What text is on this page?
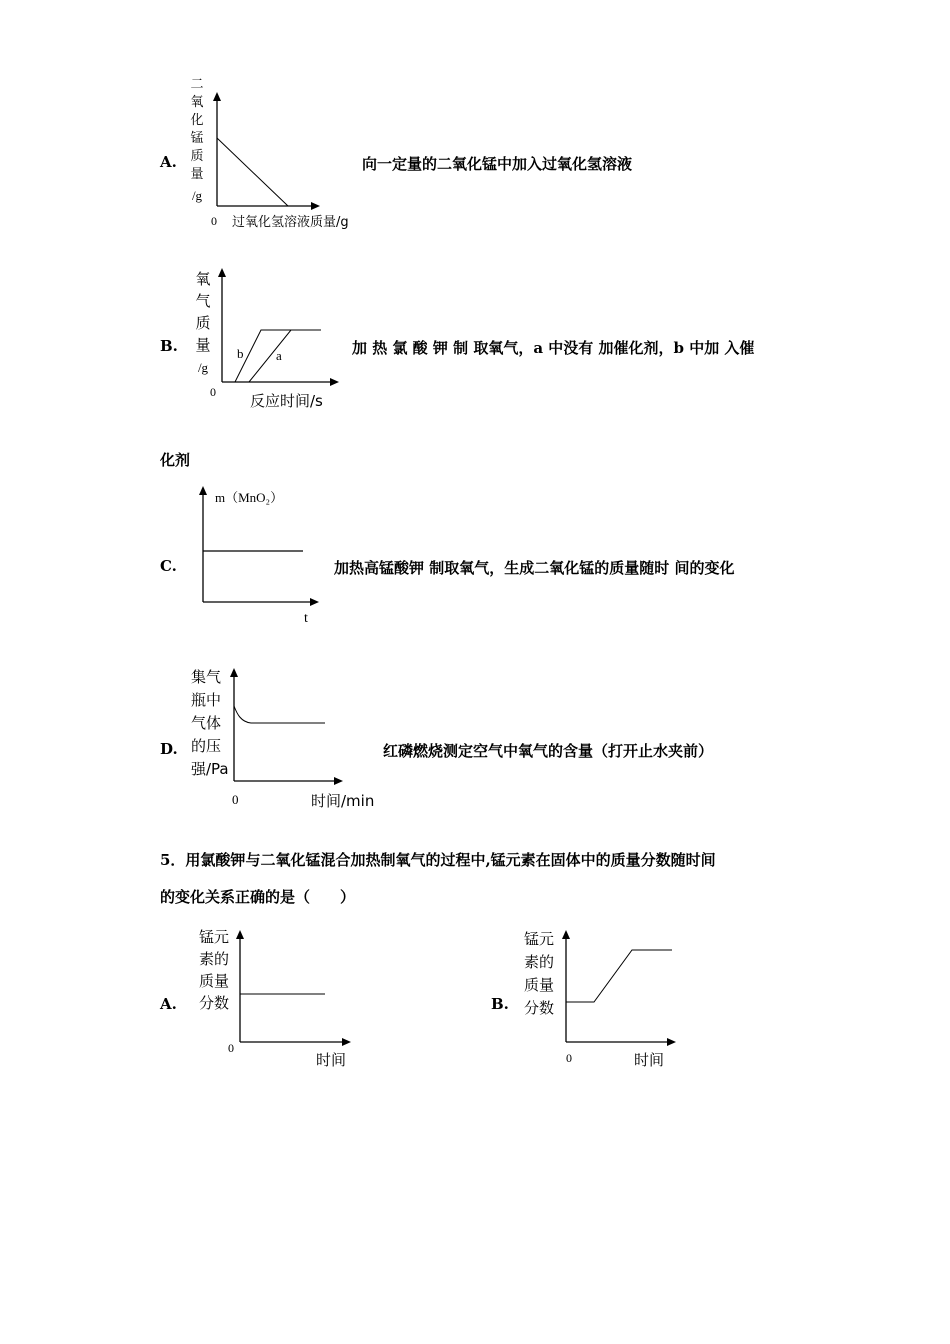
A.	向一定量的二氧化锰中加入过氧化氢溶液
二
氧
化
锰
质
量
/g
0 过氧化氢溶液质量/g
B.	加 热 氯 酸 钾 制 取氧气，a 中没有 加催化剂，b 中加 入催
化剂
氧
气
质
量
/g
b	a
0 反应时间/s
C.	加热高锰酸钾 制取氧气，生成二氧化锰的质量随时 间的变化
m（MnO₂）
t
D.	红磷燃烧测定空气中氧气的含量（打开止水夹前）
集气
瓶中
气体
的压
强/Pa
0	时间/min
5．用氯酸钾与二氧化锰混合加热制氧气的过程中,锰元素在固体中的质量分数随时间
的变化关系正确的是（　　）
A.
锰元
素的
质量
分数
0
时间
B.
锰元
素的
质量
分数
0	时间
